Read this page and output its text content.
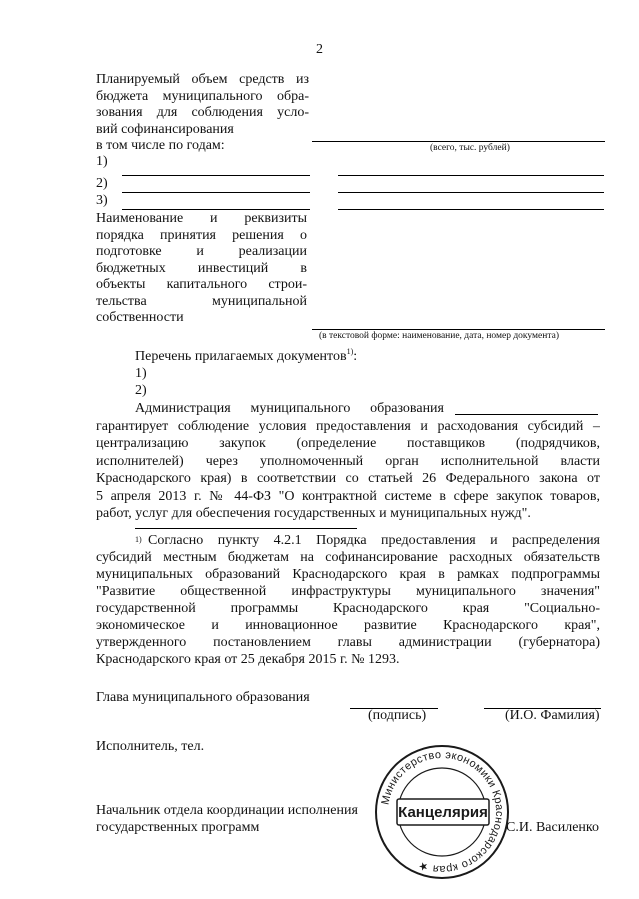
2
Планируемый объем средств из
бюджета муниципального обра-
зования для соблюдения усло-
вий софинансирования
в том числе по годам:	(всего, тыс. рублей)
1)
2)
3)
Наименование и реквизиты
порядка принятия решения о
подготовке и реализации
бюджетных инвестиций в
объекты капитального строи-
тельства муниципальной
собственности
(в текстовой форме: наименование, дата, номер документа)
Перечень прилагаемых документов$^{1)}$:
1)
2)
Администрация муниципального образования
гарантирует соблюдение условия предоставления и расходования субсидий –
централизацию закупок (определение поставщиков (подрядчиков,
исполнителей) через уполномоченный орган исполнительной власти
Краснодарского края) в соответствии со статьей 26 Федерального закона от
5 апреля 2013 г. № 44-ФЗ "О контрактной системе в сфере закупок товаров,
работ, услуг для обеспечения государственных и муниципальных нужд".
1) Согласно пункту 4.2.1 Порядка предоставления и распределения
субсидий местным бюджетам на софинансирование расходных обязательств
муниципальных образований Краснодарского края в рамках подпрограммы
"Развитие общественной инфраструктуры муниципального значения"
государственной программы Краснодарского края "Социально-
экономическое и инновационное развитие Краснодарского края",
утвержденного постановлением главы администрации (губернатора)
Краснодарского края от 25 декабря 2015 г. № 1293.
Глава муниципального образования
(подпись)	(И.О. Фамилия)
Исполнитель, тел.
Начальник отдела координации исполнения
государственных программ	С.И. Василенко
Министерство экономики Краснодарского края ★
Канцелярия
